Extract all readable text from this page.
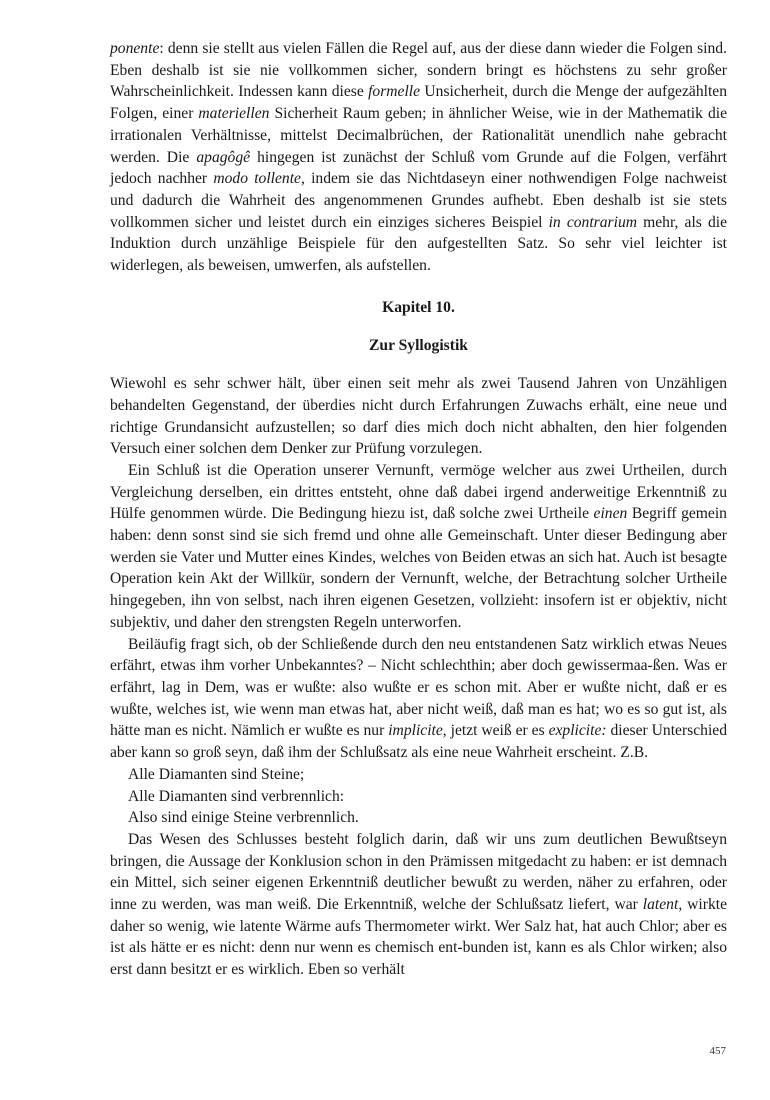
ponente: denn sie stellt aus vielen Fällen die Regel auf, aus der diese dann wieder die Folgen sind. Eben deshalb ist sie nie vollkommen sicher, sondern bringt es höchstens zu sehr großer Wahrscheinlichkeit. Indessen kann diese formelle Unsicherheit, durch die Menge der aufgezählten Folgen, einer materiellen Sicherheit Raum geben; in ähnlicher Weise, wie in der Mathematik die irrationalen Verhältnisse, mittelst Decimalbrüchen, der Rationalität unendlich nahe gebracht werden. Die apagôgê hingegen ist zunächst der Schluß vom Grunde auf die Folgen, verfährt jedoch nachher modo tollente, indem sie das Nichtdaseyn einer nothwendigen Folge nachweist und dadurch die Wahrheit des angenommenen Grundes aufhebt. Eben deshalb ist sie stets vollkommen sicher und leistet durch ein einziges sicheres Beispiel in contrarium mehr, als die Induktion durch unzählige Beispiele für den aufgestellten Satz. So sehr viel leichter ist widerlegen, als beweisen, umwerfen, als aufstellen.

Kapitel 10.
Zur Syllogistik

Wiewohl es sehr schwer hält, über einen seit mehr als zwei Tausend Jahren von Unzähligen behandelten Gegenstand, der überdies nicht durch Erfahrungen Zuwachs erhält, eine neue und richtige Grundansicht aufzustellen; so darf dies mich doch nicht abhalten, den hier folgenden Versuch einer solchen dem Denker zur Prüfung vorzulegen.

Ein Schluß ist die Operation unserer Vernunft, vermöge welcher aus zwei Urtheilen, durch Vergleichung derselben, ein drittes entsteht, ohne daß dabei irgend anderweitige Erkenntniß zu Hülfe genommen würde. Die Bedingung hiezu ist, daß solche zwei Urtheile einen Begriff gemein haben: denn sonst sind sie sich fremd und ohne alle Gemeinschaft. Unter dieser Bedingung aber werden sie Vater und Mutter eines Kindes, welches von Beiden etwas an sich hat. Auch ist besagte Operation kein Akt der Willkür, sondern der Vernunft, welche, der Betrachtung solcher Urtheile hingegeben, ihn von selbst, nach ihren eigenen Gesetzen, vollzieht: insofern ist er objektiv, nicht subjektiv, und daher den strengsten Regeln unterworfen.

Beiläufig fragt sich, ob der Schließende durch den neu entstandenen Satz wirklich etwas Neues erfährt, etwas ihm vorher Unbekanntes? – Nicht schlechthin; aber doch gewissermaa-ßen. Was er erfährt, lag in Dem, was er wußte: also wußte er es schon mit. Aber er wußte nicht, daß er es wußte, welches ist, wie wenn man etwas hat, aber nicht weiß, daß man es hat; wo es so gut ist, als hätte man es nicht. Nämlich er wußte es nur implicite, jetzt weiß er es explicite: dieser Unterschied aber kann so groß seyn, daß ihm der Schlußsatz als eine neue Wahrheit erscheint. Z.B.

Alle Diamanten sind Steine;

Alle Diamanten sind verbrennlich:

Also sind einige Steine verbrennlich.

Das Wesen des Schlusses besteht folglich darin, daß wir uns zum deutlichen Bewußtseyn bringen, die Aussage der Konklusion schon in den Prämissen mitgedacht zu haben: er ist demnach ein Mittel, sich seiner eigenen Erkenntniß deutlicher bewußt zu werden, näher zu erfahren, oder inne zu werden, was man weiß. Die Erkenntniß, welche der Schlußsatz liefert, war latent, wirkte daher so wenig, wie latente Wärme aufs Thermometer wirkt. Wer Salz hat, hat auch Chlor; aber es ist als hätte er es nicht: denn nur wenn es chemisch ent-bunden ist, kann es als Chlor wirken; also erst dann besitzt er es wirklich. Eben so verhält

457
